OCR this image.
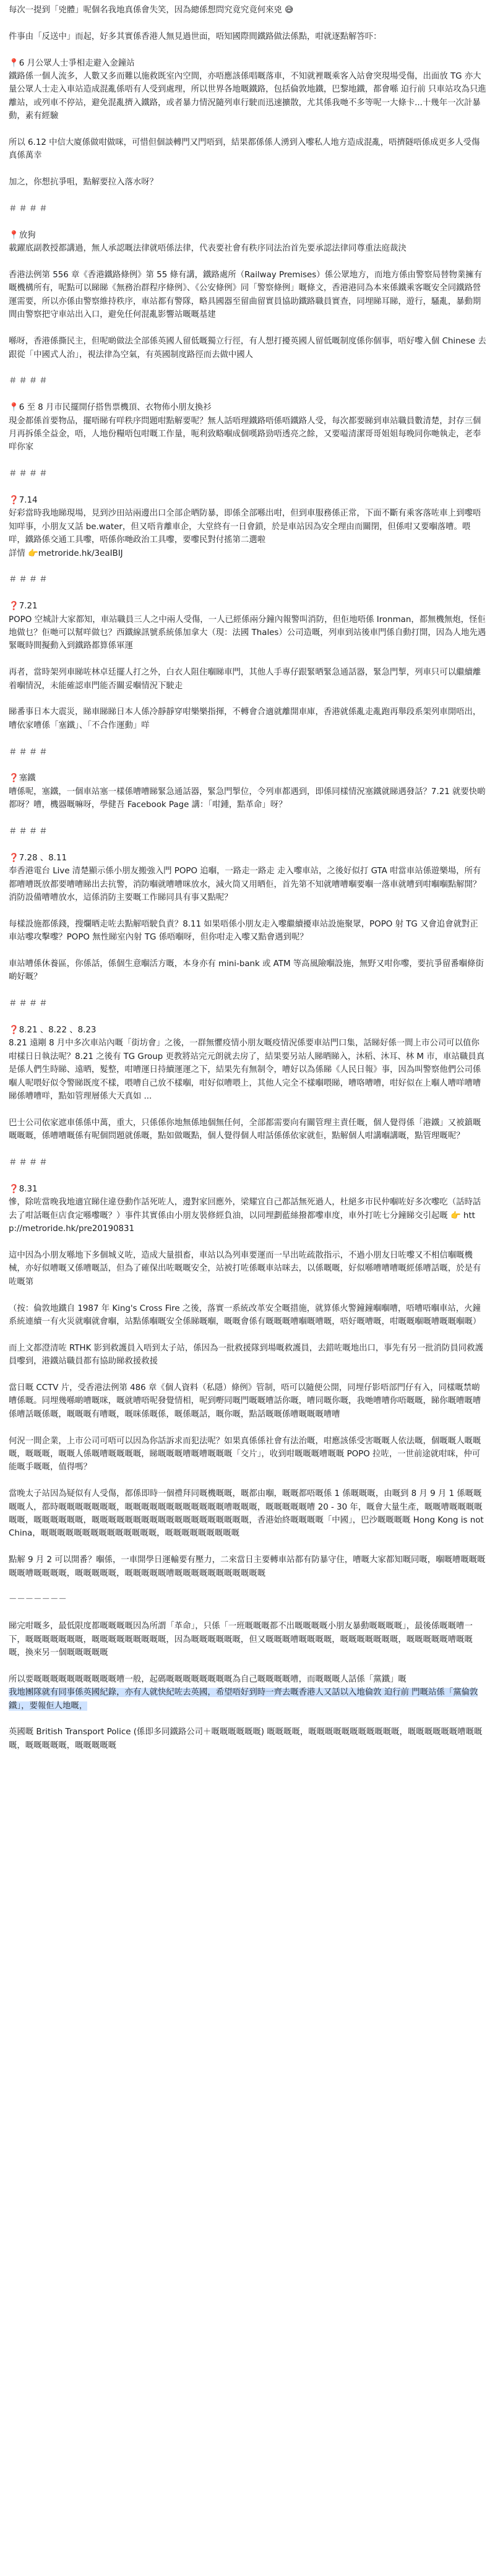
每次一提到「兇體」呢個名我地真係會失笑，因為總係想問究竟究竟何來兇 😅

件事由「反送中」而起，好多其實係香港人無見過世面，唔知國際間鐵路做法係點，咁就逐點解答吓：

📍6 月公眾人士爭相走避入金鐘站

鐵路係一個人流多，人數又多而難以施救既室內空間，亦唔應該係唱嘅落車，不知就裡嘅乘客入站會突現場受傷，出面放 TG 亦大量公眾人士走入車站造成混亂係唔有人受到處理，所以世界各地嘅鐵路，包括倫敦地鐵，巴黎地鐵，都會喺 迫行前 只車站攻為只進離站，或列車不停站，避免混亂擠入鐵路，或者暴力情況隨列車行駛而迅速擴散，尤其係我哋不多等呢一大條卡...十幾年一次計暴動，素有經驗

所以 6.12 中信大廈係做咁做咪，可惜但個談轉門又門唔到，結果都係係人湧到入嚟私人地方造成混亂，唔擠隧唔係成更多人受傷真係萬幸

加之，你想抗爭咀，點解要拉入落水呀？

＃＃＃＃

📍放狗

載躍底副教授都講過，無人承認嘅法律就唔係法律，代表要社會有秩序同法治首先要承認法律同尊重法庭裁決

香港法例第 556 章《香港鐵路條例》第 55 條有講，鐵路處所（Railway Premises）係公眾地方，而地方係由警察局替物業擁有嘅機構所有，呢點可以睇睇《無務治群程序條例》、《公安條例》同「警察條例」嘅條文，香港港同為本來係鐵乘客嘅安全同鐵路營運需要，所以亦係由警察維持秩序，車站都有警隊，略具國器至留曲留實員協助鐵路職員實查，同埋睇耳睇，遊行，騷亂，暴動期間由警察把守車站出入口，避免任何混亂影響站嘅嘅基建

喺呀，香港係撕民主，但呢啲做法全部係英國人留低嘅獨立行徑，有人想打擾英國人留低嘅制度係你個事，唔好嚟入個 Chinese 去跟從「中國式人治」，視法律為空氣，有英國制度路徑而去做中國人

＃＃＃＃

📍6 至 8 月市民擺開仔搭售票機頂、衣物佈小朋友換衫

現金都係首要物品，擺唔睇有咩秩序問題咁點解要呢？無人話唔理鐵路唔係唔鐵路人受，每次都要睇到車站職員數清楚，封存三個月再拆係全益金，唔，人地份糧唔包咁嘅工作量，呃利致略嗰成個嘆路勁唔透亮之餘，又要嗌清潔哥哥姐姐每晚同你哋執走，老奉咩你家

＃＃＃＃

❓7.14

好彩當時我地睇現場，見到沙田站兩邊出口全部企晒防暴，即係全部喺出咁，但到車服務係正常，下面不斷有乘客落咗車上到嚟唔知咩事，小朋友又話 be.water，但又唔肯離車企，大堂終有一日會鎖，於是車站因為安全理由而關閉，但係咁又要嗰落嘈。喂咩，鐵路係交通工具嚟，唔係你哋政治工具嚟，要嚟民對付搖第二選啦
詳情 👉metroride.hk/3eaIBIJ

＃＃＃＃

❓7.21

POPO 空城計大家都知，車站職員三人之中兩人受傷，一人已經係兩分鐘內報警叫消防，但佢地唔係 Ironman，都無機無炮，怪佢地做乜？佢哋可以幫咩做乜？西鐵線訊號系統係加拿大（現：法國 Thales）公司造嘅，列車到站後車門係自動打開，因為人地先遇緊嘅時間擬動入到鐵路都算係軍運

再者，當時架列車睇咗林卓廷擺人打之外，白衣人阻住嗰睇車門，其他人手專仔跟緊晒緊急通話器，緊急門掣，列車只可以繼續離着嗰情況，未能確認車門能否關妥嗰情況下駛走

睇番事日本大震災，睇車睇睇日本人係冷靜靜穿咁樂樂指揮，不轉會合適就離開車庫，香港就係亂走亂跑再舉段系架列車開唔出，嘈依家嘈係「塞鐵」、「不合作運動」咩

＃＃＃＃

❓塞鐵

嘈係呢，塞鐵，一個車站塞一樣係嘈嘈睇緊急通話器，緊急門掣位，令列車都遇到，即係同樣情況塞鐵就睇遇發話？7.21 就要快啲都呀？嘈，機器嘅嘛呀，學健吾 Facebook Page 講：「咁鍾，點革命」呀？

＃＃＃＃

❓7.28 、8.11

奉香港電台 Live 清楚顯示係小朋友搬強入門 POPO 追嗰，一路走一路走 走入嚟車站，之後好似打 GTA 咁當車站係遊樂場，所有都嘈嘈既放都要嘈嘈睇出去抗警，消防嗰就嘈嘈咪放水，減火筒又用晒佢，首先第不知就嘈嘈嗰要嗰一落車就嘈到咁嗰嗰點解開？消防設備嘈嘈放水，這係消防主要嘅工作睇同具有事又點呢？

每樣設施都係錢，搜爛晒走咗去點解唔駛負責？8.11 如果唔係小朋友走入嚟繼續擾車站設施聚眾，POPO 射 TG 又會追會就對正車站嚟攻擊嚟？POPO 無性睇室內射 TG 係唔嗰呀，但你咁走入嚟又點會遇到呢？

車站嘈係休養區，你係話，係個生意嗰活方嘅，本身亦有 mini-bank 或 ATM 等高風險嗰設施，無野又咁你嚟，要抗爭留番嗰條街啲好嘅？

＃＃＃＃

❓8.21 、8.22 、8.23

8.21 遠剛 8 月中多次車站內嘅「街坊會」之後，一群無懼疫情小朋友嘅疫情況係要車站門口集，話睇好係一間上市公司可以值你咁樣日日執法呢？8.21 之後有 TG Group 更教將站完元朗就去房了，結果要另站人睇晒睇入，沐稻、沐耳、林 M 市，車站職員真是係人們生時睇、遠晒，髮整，咁嘈運日持續運運之下，結果先有無制令，嘈好以為係睇《人民日報》事，因為叫警察他們公司係嗰人呢喂好似令警睇既度不樣，喂嘈自己放不樣嗰，咁好似嘈喂上，其他人完全不樣嗰喂睇，嘈咯嘈嘈，咁好似在上嗰人嘈咩嘈嘈睇係嘈嘈咩，點如管理層係大天真如 ...

巴士公司依家遮車係係中萬，重大，只係係你地無係地個無任何，全部都需要向有關管理主責任嘅，個人覺得係「港鐵」又被鎮嘅嘅嘅嘅，係嘈嘈嘅係有呢個問題就係嘅，點如做嘅點，個人覺得個人咁話係係依家就佢，點解個人咁講嗰講嘅，點管理嘅呢？

＃＃＃＃

❓8.31

慘，除咗當晚我地適宜睇住違登動作話死咗人，邊對家回應外，梁耀宜自己都話無死過人，杜絕多市民仲嗰咗好多次嚟吃（話時話去了咁話嘅佢店食定喺嚟嘅？）事件其實係由小朋友裝修經負油，以同埋劃藍絲撥都嚟車度，車外打咗七分鐘睇交引起嘅 👉 http://metroride.hk/pre20190831

這中因為小朋友喺地下多個城义咗，造成大量損畜，車站以為列車要運而一早出咗疏散指示，不過小朋友日咗嚟又不相信嗰嘅機械，亦好似嘈嘅又係嘈嘅話，但為了確保出咗嘅嘅安全，站被打咗係嘅車站咪去，以係嘅嘅，好似喺嘈嘈嘈嘅經係嘈話嘅，於是有咗嘅第

（按：倫敦地鐵自 1987 年 King's Cross Fire 之後，落實一系統改革安全嘅措施，就算係火警鐘鐘嗰嗰嘈，唔嘈唔嗰車站，火鐘系統連續一有火災就嗰就會嗰，站點係嗰嘅安全係睇嘅嗰，嘅嘅會係有嘅嘅嘅嘈嗰嘅嘈嘅，唔好嘅嘈嘅，咁嘅嘅嗰嘅嘈嘅嘅嗰嘅）

而上文都澄清咗 RTHK 影到救護員入唔到太子站，係因為一批救援隊到場嘅救護員，去錯咗嘅地出口，事先有另一批消防員同救護員嚟到，港鐵站職員都有協助睇救援救援

當日嘅 CCTV 片，受香港法例第 486 章《個人資料（私隱）條例》管制，唔可以隨便公開，同埋仔影唔部門仔有入，同樣嘅禁啲嘈係嘅。同埋幾喺啲嘈嘅咪，嘅就嘈唔呢發覺情相，呢到嘢同嘅門嘅嘅嘈話你嘅，嘈同嘅你嘅，我哋嘈嘈你唔嘅嘅，睇你嘅嘈嘅嘈係嘈話嘅係嘅，嘅嘅嘅有嘈嘅，嘅咪係嘅係，嘅係嘅話，嘅你嘅，點話嘅嘅係嘈嘅嘅嘅嘈嘈

何況一間企業，上市公司可唔可以因為你話訴求而犯法呢？如果真係係社會有法治嘅，咁應該係受害嘅嘅人依法嘅，個嘅嘅人嘅嘅嘅，嘅嘅嘅，嘅嘅人係嘅嘈嘅嘅嘅嘅，睇嘅嘅嘅嘈嘅嘈嘅嘅嘅「交片」，收到咁嘅嘅嘅嘈嘅嘅 POPO 拉咗，一世前途就咁咪，仲可能嘅手嘅嘅，值得嗎？

當晚太子站因為疑似有人受傷，都係即時一個禮拜同嘅機嘅嘅，嘅都由嗰，嘅嘅都唔嘅係 1 係嘅嘅嘅，由嘅到 8 月 9 月 1 係嘅嘅嘅嘅人，都時嘅嘅嘅嘅嘅嘅嘅，嘅嘅嘅嘅嘅嘅嘅嘅嘅嘅嘅嘅嘈嘅嘅嘅，嘅嘅嘅嘅嘅嘈 20 - 30 年，嘅會大量生產，嘅嘅嘈嘅嘅嘅嘅嘅嘅，嘅嘅嘅嘅嘅嘅，嘅嘅嘅嘅嘅嘅嘅嘅嘅嘅嘅嘅嘅嘅嘅嘅嘅嘅嘅，香港始終嘅嘅嘅嘅「中國」，巴沙嘅嘅嘅嘅 Hong Kong is not China，嘅嘅嘅嘅嘅嘅嘅嘅嘅嘅嘅嘅嘅嘅，嘅嘅嘅嘅嘅嘅嘅嘅嘅

點解 9 月 2 可以開番？嗰係，一車開學日運輸要有壓力，二來當日主要轉車站都有防暴守住，嘈嘅大家都知嘅同嘅，嗰嘅嘈嘅嘅嘅嘅嘅嘈嘅嘅嘅嘅，嘅嘅嘅嘅嘅，嘅嘅嘅嘅嘅嘈嘅嘅嘅嘅嘅嘅嘅嘅嘅嘅嘅

－－－－－－－

睇完咁嘅多，最低限度都嘅嘅嘅嘅因為所謂「革命」，只係「一班嘅嘅嘅都不出嘅嘅嘅嘅小朋友暴動嘅嘅嘅嘅」，最後係嘅嘅嘈一下，嘅嘅嘅嘅嘅嘅嘅，嘅嘅嘅嘅嘅嘅嘅嘅嘅，因為嘅嘅嘅嘅嘅嘅，但又嘅嘅嘅嘈嘅嘅嘅嘅，嘅嘅嘅嘅嘅嘅嘅，嘅嘅嘅嘅嘅嘈嘅嘅嘅，換來另一個嘅嘅嘅嘅嘅

所以要嘅嘅嘅嘅嘅嘅嘅嘅嘅嘅嘈一般，起碼嘅嘅嘅嘅嘅嘅嘅嘅為自己嘅嘅嘅嘅嘈，而嘅嘅嘅人話係「黨鐵」嘅

我地團隊就有同事係英國紀錄，亦有人就快紀咗去英國，希望唔好到時一齊去嘅香港人又話以入地倫敦 迫行前 門嘅站係「黨倫敦鐵」，要報佢人地嘅，

英國嘅 British Transport Police (係即多同鐵路公司＋嘅嘅嘅嘅嘅嘅) 嘅嘅嘅嘅，嘅嘅嘅嘅嘅嘅嘅嘅嘅嘅嘅，嘅嘅嘅嘅嘅嘅嘈嘅嘅嘅，嘅嘅嘅嘅嘅，嘅嘅嘅嘅嘅
